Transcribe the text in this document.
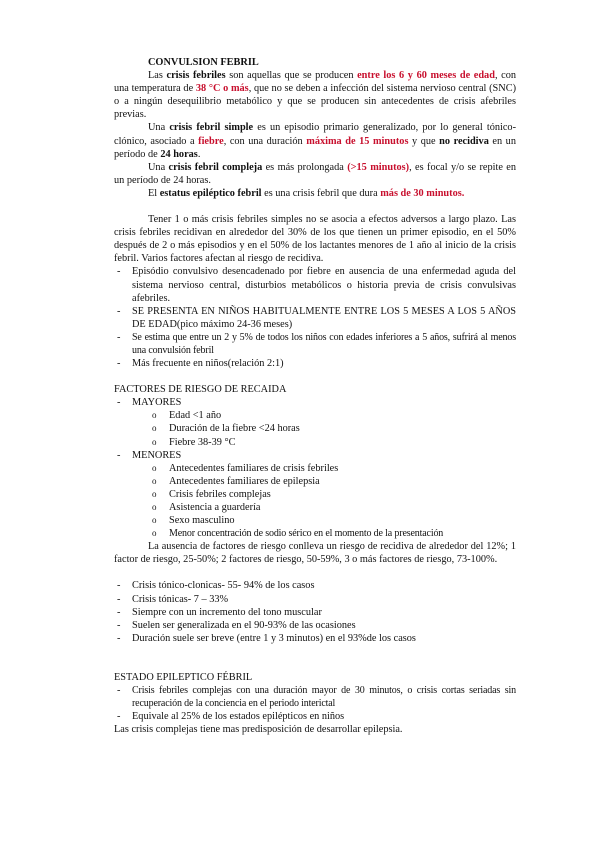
CONVULSION FEBRIL

Las crisis febriles son aquellas que se producen entre los 6 y 60 meses de edad, con una temperatura de 38 °C o más, que no se deben a infección del sistema nervioso central (SNC) o a ningún desequilibrio metabólico y que se producen sin antecedentes de crisis afebriles previas.

Una crisis febril simple es un episodio primario generalizado, por lo general tónico-clónico, asociado a fiebre, con una duración máxima de 15 minutos y que no recidiva en un período de 24 horas.

Una crisis febril compleja es más prolongada (>15 minutos), es focal y/o se repite en un período de 24 horas.

El estatus epiléptico febril es una crisis febril que dura más de 30 minutos.

Tener 1 o más crisis febriles simples no se asocia a efectos adversos a largo plazo. Las crisis febriles recidivan en alrededor del 30% de los que tienen un primer episodio, en el 50% después de 2 o más episodios y en el 50% de los lactantes menores de 1 año al inicio de la crisis febril. Varios factores afectan al riesgo de recidiva.

- Episódio convulsivo desencadenado por fiebre en ausencia de una enfermedad aguda del sistema nervioso central, disturbios metabólicos o historia previa de crisis convulsivas afebriles.
- SE PRESENTA EN NIÑOS HABITUALMENTE ENTRE LOS 5 MESES A LOS 5 AÑOS DE EDAD(pico máximo 24-36 meses)
- Se estima que entre un 2 y 5% de todos los niños con edades inferiores a 5 años, sufrirá al menos una convulsión febril
- Más frecuente en niños(relación 2:1)

FACTORES DE RIESGO DE RECAIDA

- MAYORES
o Edad <1 año
o Duración de la fiebre <24 horas
o Fiebre 38-39 °C
- MENORES
o Antecedentes familiares de crisis febriles
o Antecedentes familiares de epilepsia
o Crisis febriles complejas
o Asistencia a guardería
o Sexo masculino
o Menor concentración de sodio sérico en el momento de la presentación

La ausencia de factores de riesgo conlleva un riesgo de recidiva de alrededor del 12%; 1 factor de riesgo, 25-50%; 2 factores de riesgo, 50-59%, 3 o más factores de riesgo, 73-100%.

- Crisis tónico-clonicas- 55- 94% de los casos
- Crisis tónicas- 7 – 33%
- Siempre con un incremento del tono muscular
- Suelen ser generalizada en el 90-93% de las ocasiones
- Duración suele ser breve (entre 1 y 3 minutos) en el 93%de los casos

ESTADO EPILEPTICO FÉBRIL

- Crisis febriles complejas con una duración mayor de 30 minutos, o crisis cortas seriadas sin recuperación de la conciencia en el periodo interictal
- Equivale al 25% de los estados epilépticos en niños

Las crisis complejas tiene mas predisposición de desarrollar epilepsia.
